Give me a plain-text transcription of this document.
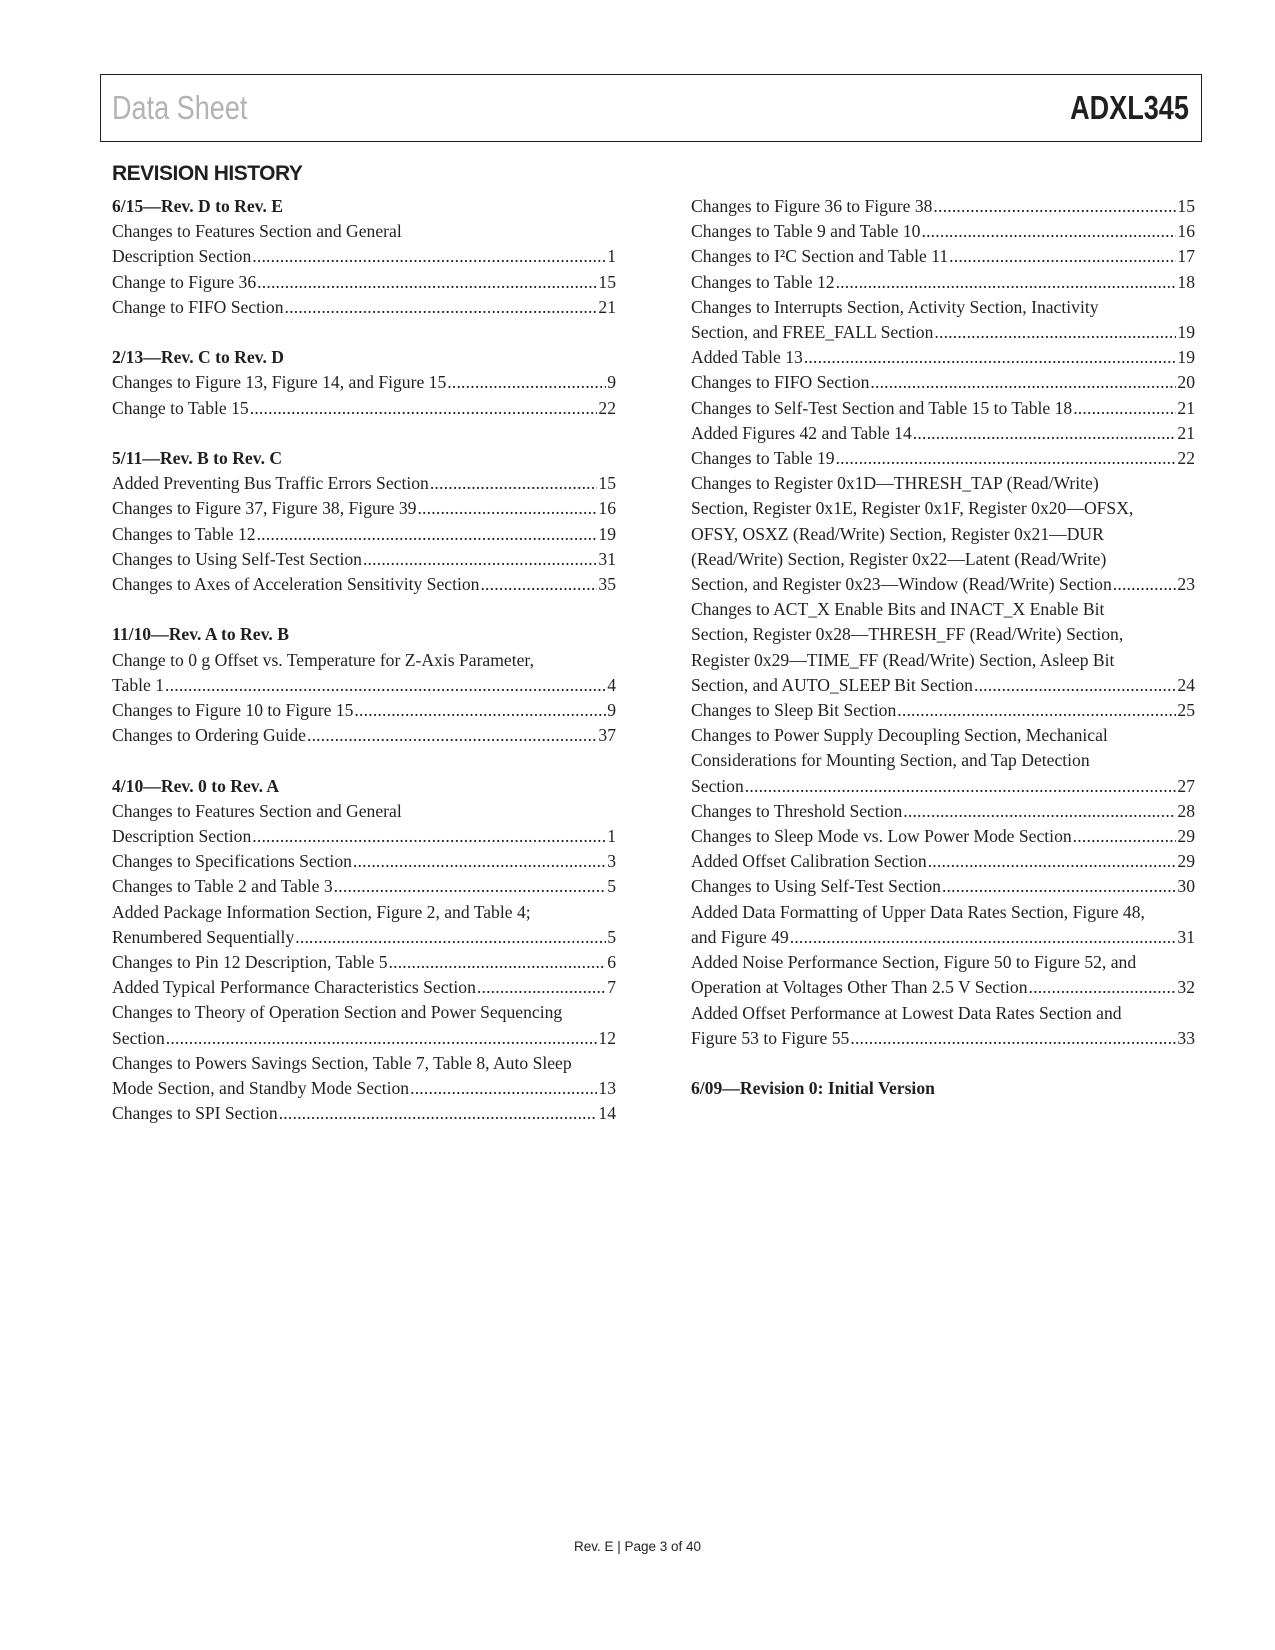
Data Sheet	ADXL345
REVISION HISTORY
6/15—Rev. D to Rev. E
Changes to Features Section and General
Description Section .....	1
Change to Figure 36 .....	15
Change to FIFO Section .....	21
2/13—Rev. C to Rev. D
Changes to Figure 13, Figure 14, and Figure 15 .....	9
Change to Table 15 .....	22
5/11—Rev. B to Rev. C
Added Preventing Bus Traffic Errors Section .....	15
Changes to Figure 37, Figure 38, Figure 39 .....	16
Changes to Table 12 .....	19
Changes to Using Self-Test Section .....	31
Changes to Axes of Acceleration Sensitivity Section .....	35
11/10—Rev. A to Rev. B
Change to 0 g Offset vs. Temperature for Z-Axis Parameter,
Table 1 .....	4
Changes to Figure 10 to Figure 15 .....	9
Changes to Ordering Guide .....	37
4/10—Rev. 0 to Rev. A
Changes to Features Section and General
Description Section .....	1
Changes to Specifications Section .....	3
Changes to Table 2 and Table 3 .....	5
Added Package Information Section, Figure 2, and Table 4;
Renumbered Sequentially .....	5
Changes to Pin 12 Description, Table 5 .....	6
Added Typical Performance Characteristics Section .....	7
Changes to Theory of Operation Section and Power Sequencing
Section .....	12
Changes to Powers Savings Section, Table 7, Table 8, Auto Sleep
Mode Section, and Standby Mode Section .....	13
Changes to SPI Section .....	14
Changes to Figure 36 to Figure 38 .....	15
Changes to Table 9 and Table 10 .....	16
Changes to I²C Section and Table 11 .....	17
Changes to Table 12 .....	18
Changes to Interrupts Section, Activity Section, Inactivity
Section, and FREE_FALL Section .....	19
Added Table 13 .....	19
Changes to FIFO Section .....	20
Changes to Self-Test Section and Table 15 to Table 18 .....	21
Added Figures 42 and Table 14 .....	21
Changes to Table 19 .....	22
Changes to Register 0x1D—THRESH_TAP (Read/Write)
Section, Register 0x1E, Register 0x1F, Register 0x20—OFSX,
OFSY, OSXZ (Read/Write) Section, Register 0x21—DUR
(Read/Write) Section, Register 0x22—Latent (Read/Write)
Section, and Register 0x23—Window (Read/Write) Section .....	23
Changes to ACT_X Enable Bits and INACT_X Enable Bit
Section, Register 0x28—THRESH_FF (Read/Write) Section,
Register 0x29—TIME_FF (Read/Write) Section, Asleep Bit
Section, and AUTO_SLEEP Bit Section .....	24
Changes to Sleep Bit Section .....	25
Changes to Power Supply Decoupling Section, Mechanical
Considerations for Mounting Section, and Tap Detection
Section .....	27
Changes to Threshold Section .....	28
Changes to Sleep Mode vs. Low Power Mode Section .....	29
Added Offset Calibration Section .....	29
Changes to Using Self-Test Section .....	30
Added Data Formatting of Upper Data Rates Section, Figure 48,
and Figure 49 .....	31
Added Noise Performance Section, Figure 50 to Figure 52, and
Operation at Voltages Other Than 2.5 V Section .....	32
Added Offset Performance at Lowest Data Rates Section and
Figure 53 to Figure 55 .....	33
6/09—Revision 0: Initial Version
Rev. E | Page 3 of 40
